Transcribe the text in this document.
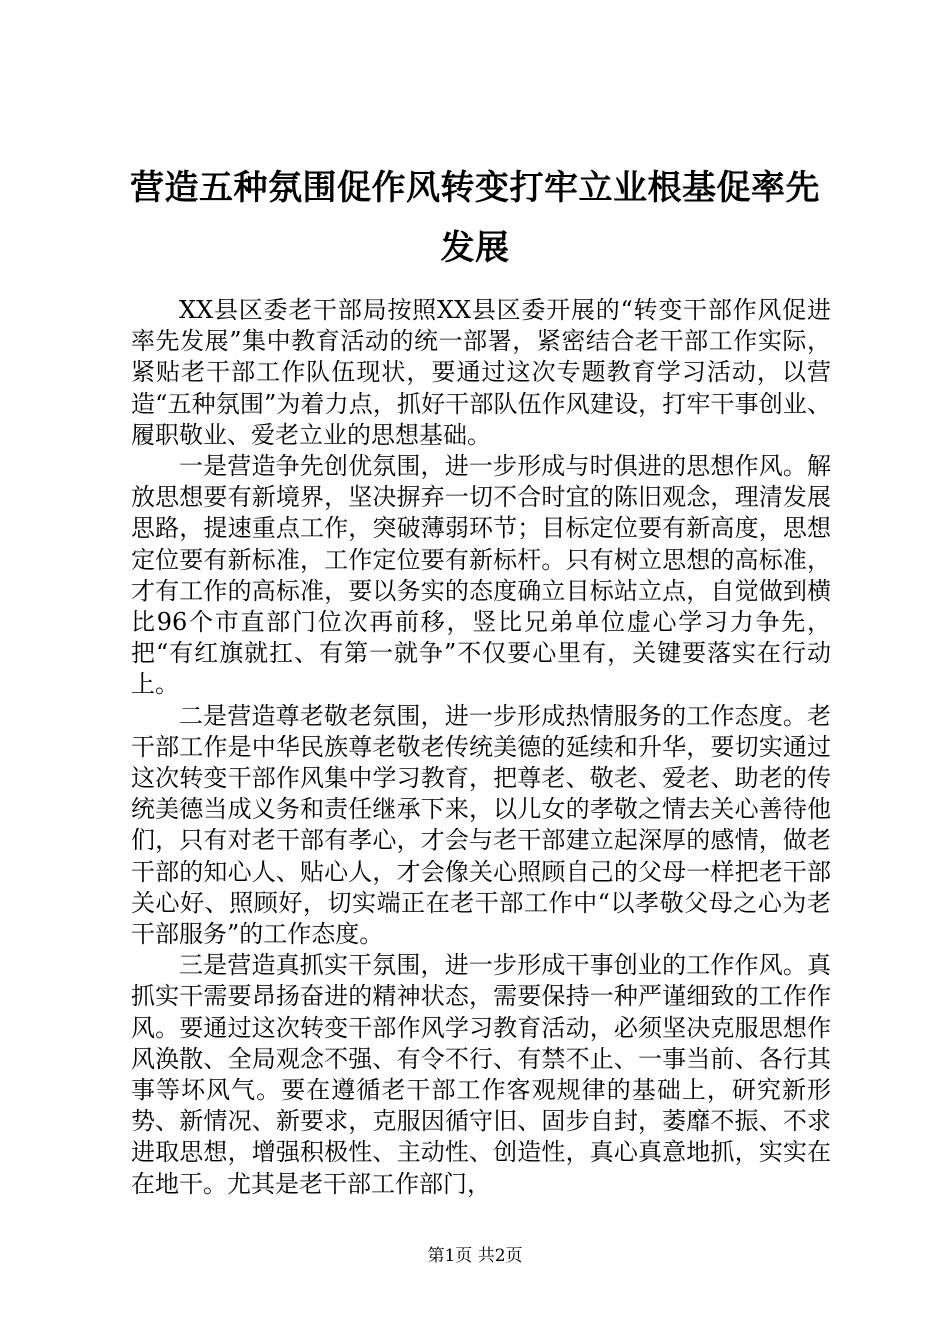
营造五种氛围促作风转变打牢立业根基促率先发展

XX县区委老干部局按照XX县区委开展的“转变干部作风促进率先发展”集中教育活动的统一部署，紧密结合老干部工作实际，紧贴老干部工作队伍现状，要通过这次专题教育学习活动，以营造“五种氛围”为着力点，抓好干部队伍作风建设，打牢干事创业、履职敬业、爱老立业的思想基础。

一是营造争先创优氛围，进一步形成与时俱进的思想作风。解放思想要有新境界，坚决摒弃一切不合时宜的陈旧观念，理清发展思路，提速重点工作，突破薄弱环节；目标定位要有新高度，思想定位要有新标准，工作定位要有新标杆。只有树立思想的高标准，才有工作的高标准，要以务实的态度确立目标站立点，自觉做到横比96个市直部门位次再前移，竖比兄弟单位虚心学习力争先，把“有红旗就扛、有第一就争”不仅要心里有，关键要落实在行动上。

二是营造尊老敬老氛围，进一步形成热情服务的工作态度。老干部工作是中华民族尊老敬老传统美德的延续和升华，要切实通过这次转变干部作风集中学习教育，把尊老、敬老、爱老、助老的传统美德当成义务和责任继承下来，以儿女的孝敬之情去关心善待他们，只有对老干部有孝心，才会与老干部建立起深厚的感情，做老干部的知心人、贴心人，才会像关心照顾自己的父母一样把老干部关心好、照顾好，切实端正在老干部工作中“以孝敬父母之心为老干部服务”的工作态度。

三是营造真抓实干氛围，进一步形成干事创业的工作作风。真抓实干需要昂扬奋进的精神状态，需要保持一种严谨细致的工作作风。要通过这次转变干部作风学习教育活动，必须坚决克服思想作风涣散、全局观念不强、有令不行、有禁不止、一事当前、各行其事等坏风气。要在遵循老干部工作客观规律的基础上，研究新形势、新情况、新要求，克服因循守旧、固步自封，萎靡不振、不求进取思想，增强积极性、主动性、创造性，真心真意地抓，实实在在地干。尤其是老干部工作部门，

第1页 共2页
